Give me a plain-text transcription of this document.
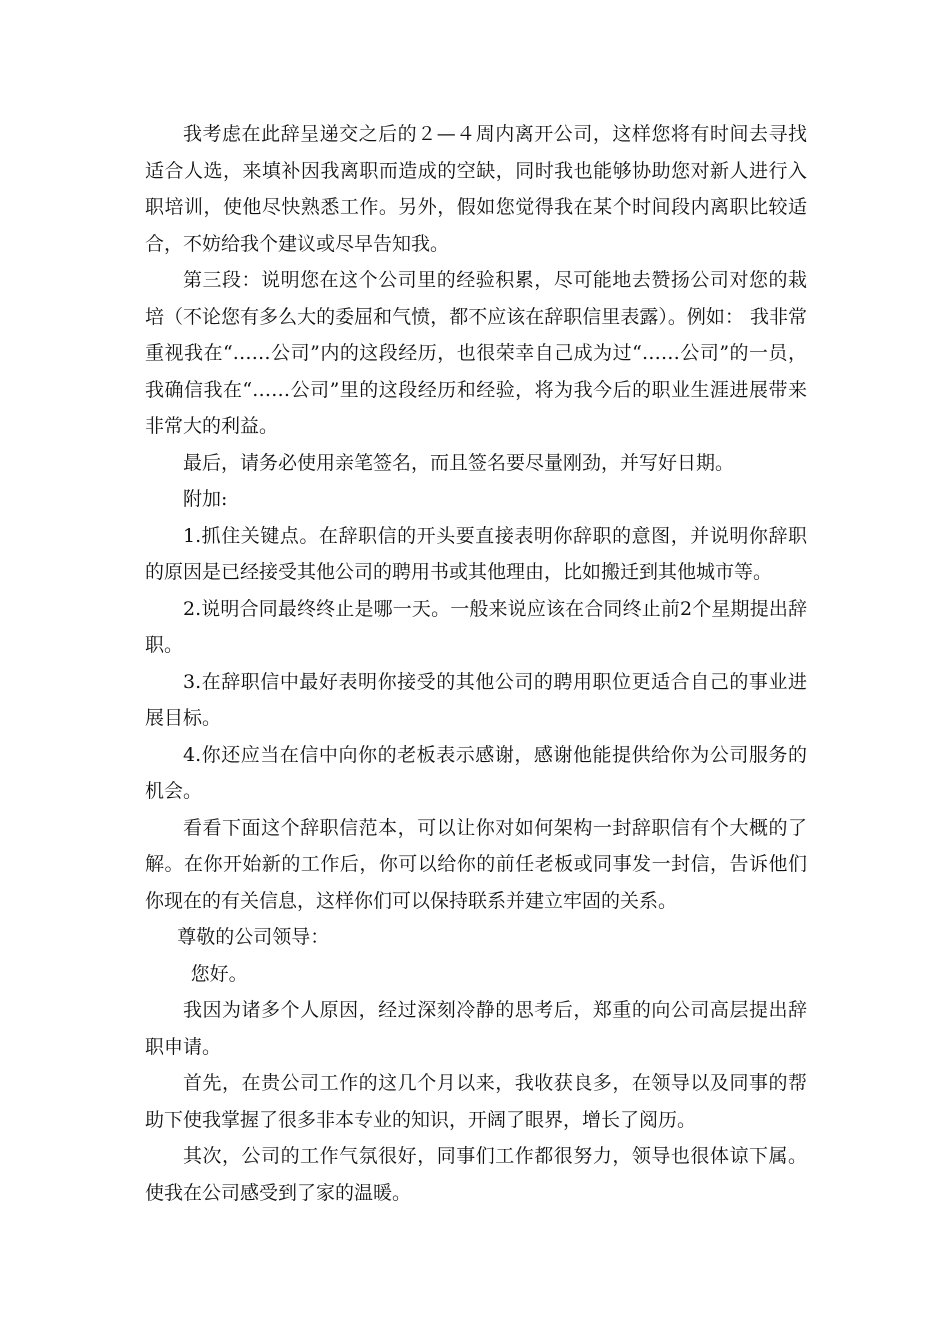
我考虑在此辞呈递交之后的２—４周内离开公司，这样您将有时间去寻找适合人选，来填补因我离职而造成的空缺，同时我也能够协助您对新人进行入职培训，使他尽快熟悉工作。另外，假如您觉得我在某个时间段内离职比较适合，不妨给我个建议或尽早告知我。

第三段：说明您在这个公司里的经验积累，尽可能地去赞扬公司对您的栽培（不论您有多么大的委屈和气愤，都不应该在辞职信里表露）。例如： 我非常重视我在“……公司”内的这段经历，也很荣幸自己成为过“……公司”的一员，我确信我在“……公司”里的这段经历和经验，将为我今后的职业生涯进展带来非常大的利益。

最后，请务必使用亲笔签名，而且签名要尽量刚劲，并写好日期。

附加:

1.抓住关键点。在辞职信的开头要直接表明你辞职的意图，并说明你辞职的原因是已经接受其他公司的聘用书或其他理由，比如搬迁到其他城市等。

2.说明合同最终终止是哪一天。一般来说应该在合同终止前2个星期提出辞职。

3.在辞职信中最好表明你接受的其他公司的聘用职位更适合自己的事业进展目标。

4.你还应当在信中向你的老板表示感谢，感谢他能提供给你为公司服务的机会。

看看下面这个辞职信范本，可以让你对如何架构一封辞职信有个大概的了解。在你开始新的工作后，你可以给你的前任老板或同事发一封信，告诉他们你现在的有关信息，这样你们可以保持联系并建立牢固的关系。

尊敬的公司领导：

您好。

我因为诸多个人原因，经过深刻冷静的思考后，郑重的向公司高层提出辞职申请。

首先，在贵公司工作的这几个月以来，我收获良多，在领导以及同事的帮助下使我掌握了很多非本专业的知识，开阔了眼界，增长了阅历。

其次，公司的工作气氛很好，同事们工作都很努力，领导也很体谅下属。使我在公司感受到了家的温暖。
